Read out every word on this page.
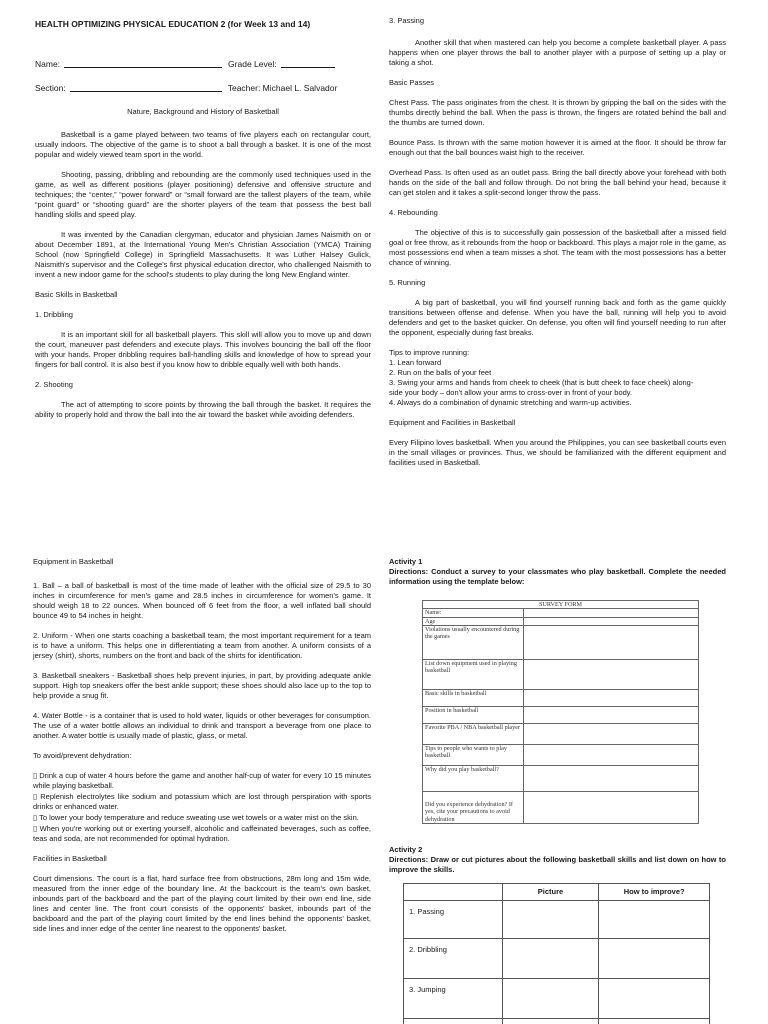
HEALTH OPTIMIZING PHYSICAL EDUCATION 2 (for Week 13 and 14)
Name:	Grade Level:
Section:	Teacher: Michael L. Salvador
Nature, Background and History of Basketball

Basketball is a game played between two teams of five players each on rectangular court, usually indoors. The objective of the game is to shoot a ball through a basket. It is one of the most popular and widely viewed team sport in the world.

Shooting, passing, dribbling and rebounding are the commonly used techniques used in the game, as well as different positions (player positioning) defensive and offensive structure and techniques; the “center,” “power forward” or “small forward are the tallest players of the team, while “point guard” or “shooting guard” are the shorter players of the team that possess the best ball handling skills and speed play.

It was invented by the Canadian clergyman, educator and physician James Naismith on or about December 1891, at the International Young Men's Christian Association (YMCA) Training School (now Springfield College) in Springfield Massachusetts. It was Luther Halsey Gulick, Naismith's supervisor and the College's first physical education director, who challenged Naismith to invent a new indoor game for the school's students to play during the long New England winter.

Basic Skills in Basketball
1. Dribbling

It is an important skill for all basketball players. This skill will allow you to move up and down the court, maneuver past defenders and execute plays. This involves bouncing the ball off the floor with your hands. Proper dribbling requires ball-handling skills and knowledge of how to spread your fingers for ball control. It is also best if you know how to dribble equally well with both hands.

2. Shooting

The act of attempting to score points by throwing the ball through the basket. It requires the ability to properly hold and throw the ball into the air toward the basket while avoiding defenders.

3. Passing

Another skill that when mastered can help you become a complete basketball player. A pass happens when one player throws the ball to another player with a purpose of setting up a play or taking a shot.

Basic Passes

Chest Pass. The pass originates from the chest. It is thrown by gripping the ball on the sides with the thumbs directly behind the ball. When the pass is thrown, the fingers are rotated behind the ball and the thumbs are turned down.

Bounce Pass. Is thrown with the same motion however it is aimed at the floor. It should be throw far enough out that the ball bounces waist high to the receiver.

Overhead Pass. Is often used as an outlet pass. Bring the ball directly above your forehead with both hands on the side of the ball and follow through. Do not bring the ball behind your head, because it can get stolen and it takes a split-second longer throw the pass.

4. Rebounding

The objective of this is to successfully gain possession of the basketball after a missed field goal or free throw, as it rebounds from the hoop or backboard. This plays a major role in the game, as most possessions end when a team misses a shot. The team with the most possessions has a better chance of winning.

5. Running

A big part of basketball, you will find yourself running back and forth as the game quickly transitions between offense and defense. When you have the ball, running will help you to avoid defenders and get to the basket quicker. On defense, you often will find yourself needing to run after the opponent, especially during fast breaks.

Tips to improve running:
1. Lean forward
2. Run on the balls of your feet
3. Swing your arms and hands from cheek to cheek (that is butt cheek to face cheek) along-side your body – don't allow your arms to cross-over in front of your body.
4. Always do a combination of dynamic stretching and warm-up activities.
Equipment and Facilities in Basketball

Every Filipino loves basketball. When you around the Philippines, you can see basketball courts even in the small villages or provinces. Thus, we should be familiarized with the different equipment and facilities used in Basketball.

Equipment in Basketball

1. Ball – a ball of basketball is most of the time made of leather with the official size of 29.5 to 30 inches in circumference for men's game and 28.5 inches in circumference for women's game. It should weigh 18 to 22 ounces. When bounced off 6 feet from the floor, a well inflated ball should bounce 49 to 54 inches in height.

2. Uniform - When one starts coaching a basketball team, the most important requirement for a team is to have a uniform. This helps one in differentiating a team from another. A uniform consists of a jersey (shirt), shorts, numbers on the front and back of the shirts for identification.

3. Basketball sneakers - Basketball shoes help prevent injuries, in part, by providing adequate ankle support. High top sneakers offer the best ankle support; these shoes should also lace up to the top to help provide a snug fit.

4. Water Bottle - is a container that is used to hold water, liquids or other beverages for consumption. The use of a water bottle allows an individual to drink and transport a beverage from one place to another. A water bottle is usually made of plastic, glass, or metal.

To avoid/prevent dehydration:
▯ Drink a cup of water 4 hours before the game and another half-cup of water for every 10 15 minutes while playing basketball.
▯ Replenish electrolytes like sodium and potassium which are lost through perspiration with sports drinks or enhanced water.
▯ To lower your body temperature and reduce sweating use wet towels or a water mist on the skin.
▯ When you're working out or exerting yourself, alcoholic and caffeinated beverages, such as coffee, teas and soda, are not recommended for optimal hydration.
Facilities in Basketball

Court dimensions. The court is a flat, hard surface free from obstructions, 28m long and 15m wide, measured from the inner edge of the boundary line. At the backcourt is the team's own basket, inbounds part of the backboard and the part of the playing court limited by their own end line, side lines and center line. The front court consists of the opponents' basket, inbounds part of the backboard and the part of the playing court limited by the end lines behind the opponents' basket, side lines and inner edge of the center line nearest to the opponents' basket.

Activity 1

Directions: Conduct a survey to your classmates who play basketball. Complete the needed information using the template below:

SURVEY FORM	
Name:	
Age	
Violations usually encountered during the games	
List down equipment used in playing basketball	
Basic skills in basketball	
Position in basketball	
Favorite PBA / NBA basketball player	
Tips to people who wants to play basketball	
Why did you play basketball?	
Did you experience dehydration? If yes, cite your precautions to avoid dehydration	
Activity 2

Directions: Draw or cut pictures about the following basketball skills and list down on how to improve the skills.

	Picture	How to improve?
1. Passing		
2. Dribbling		
3. Jumping		
